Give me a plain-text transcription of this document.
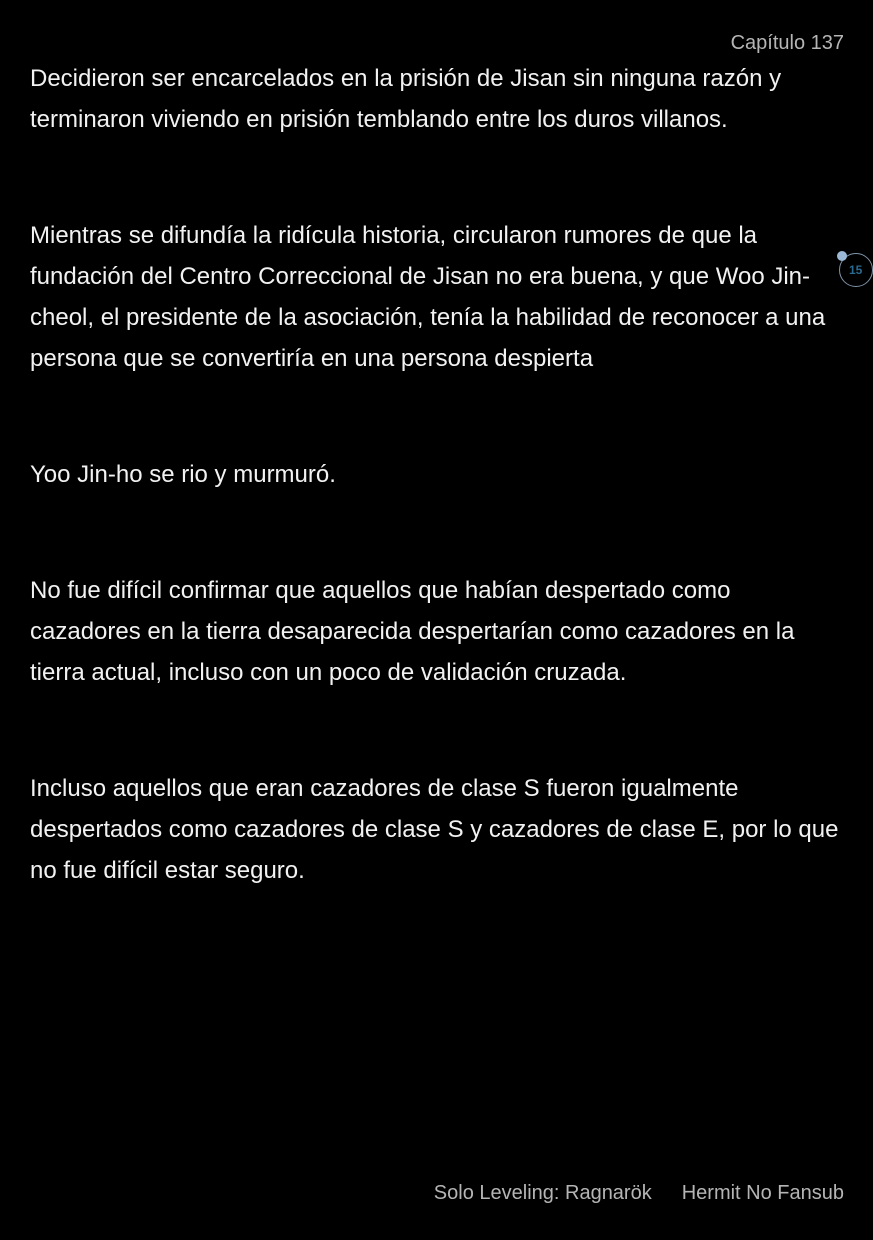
Capítulo 137

Decidieron ser encarcelados en la prisión de Jisan sin ninguna razón y terminaron viviendo en prisión temblando entre los duros villanos.

Mientras se difundía la ridícula historia, circularon rumores de que la fundación del Centro Correccional de Jisan no era buena, y que Woo Jin-cheol, el presidente de la asociación, tenía la habilidad de reconocer a una persona que se convertiría en una persona despierta

Yoo Jin-ho se rio y murmuró.

No fue difícil confirmar que aquellos que habían despertado como cazadores en la tierra desaparecida despertarían como cazadores en la tierra actual, incluso con un poco de validación cruzada.

Incluso aquellos que eran cazadores de clase S fueron igualmente despertados como cazadores de clase S y cazadores de clase E, por lo que no fue difícil estar seguro.

15
Solo Leveling: Ragnarök Hermit No Fansub
